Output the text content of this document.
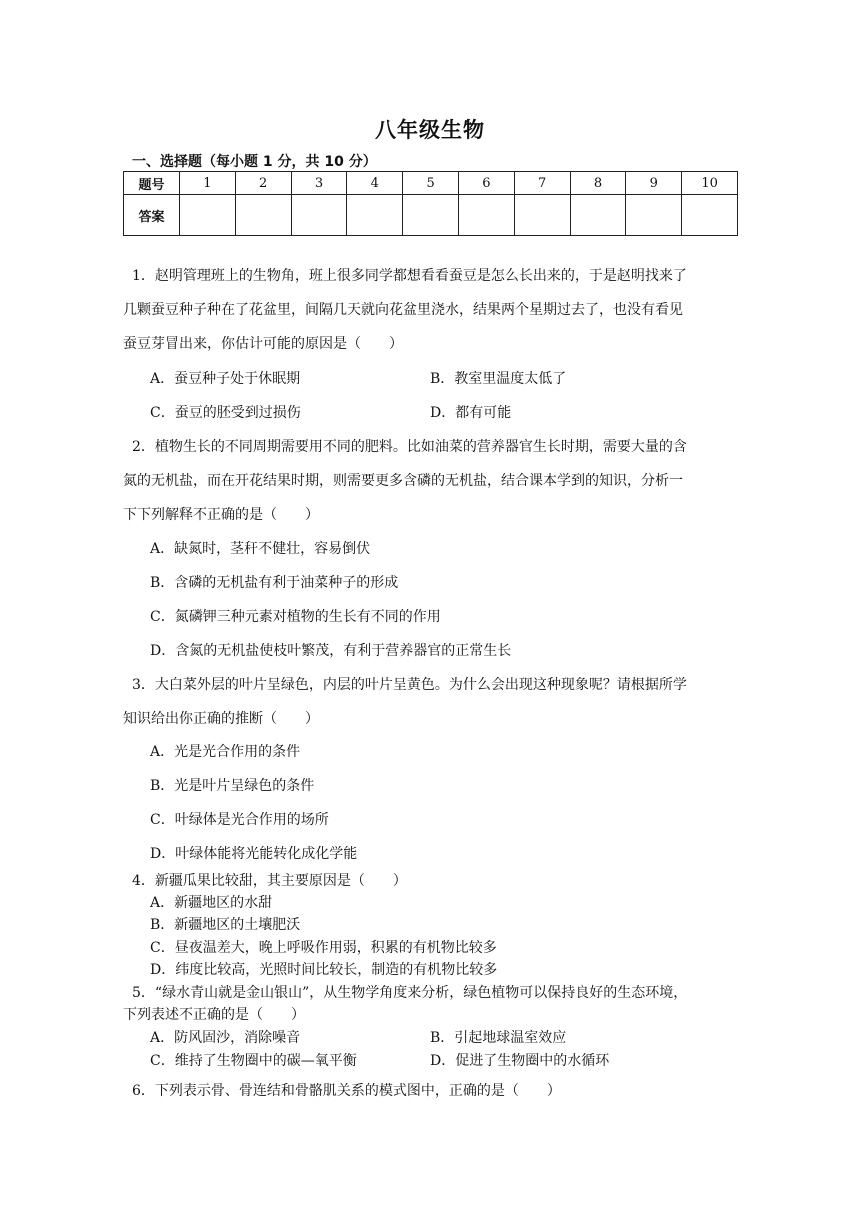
八年级生物
一、选择题（每小题 1 分，共 10 分）
题号	1	2	3	4	5	6	7	8	9	10
答案										
1．赵明管理班上的生物角，班上很多同学都想看看蚕豆是怎么长出来的，于是赵明找来了
几颗蚕豆种子种在了花盆里，间隔几天就向花盆里浇水，结果两个星期过去了，也没有看见
蚕豆芽冒出来，你估计可能的原因是（　　）
A．蚕豆种子处于休眠期	B．教室里温度太低了
C．蚕豆的胚受到过损伤	D．都有可能
2．植物生长的不同周期需要用不同的肥料。比如油菜的营养器官生长时期，需要大量的含
氮的无机盐，而在开花结果时期，则需要更多含磷的无机盐，结合课本学到的知识，分析一
下下列解释不正确的是（　　）
A．缺氮时，茎秆不健壮，容易倒伏
B．含磷的无机盐有利于油菜种子的形成
C．氮磷钾三种元素对植物的生长有不同的作用
D．含氮的无机盐使枝叶繁茂，有利于营养器官的正常生长
3．大白菜外层的叶片呈绿色，内层的叶片呈黄色。为什么会出现这种现象呢？请根据所学
知识给出你正确的推断（　　）
A．光是光合作用的条件
B．光是叶片呈绿色的条件
C．叶绿体是光合作用的场所
D．叶绿体能将光能转化成化学能
4．新疆瓜果比较甜，其主要原因是（　　）
A．新疆地区的水甜
B．新疆地区的土壤肥沃
C．昼夜温差大，晚上呼吸作用弱，积累的有机物比较多
D．纬度比较高，光照时间比较长，制造的有机物比较多
5．“绿水青山就是金山银山”，从生物学角度来分析，绿色植物可以保持良好的生态环境，
下列表述不正确的是（　　）
A．防风固沙，消除噪音	B．引起地球温室效应
C．维持了生物圈中的碳—氧平衡	D．促进了生物圈中的水循环
6．下列表示骨、骨连结和骨骼肌关系的模式图中，正确的是（　　）
